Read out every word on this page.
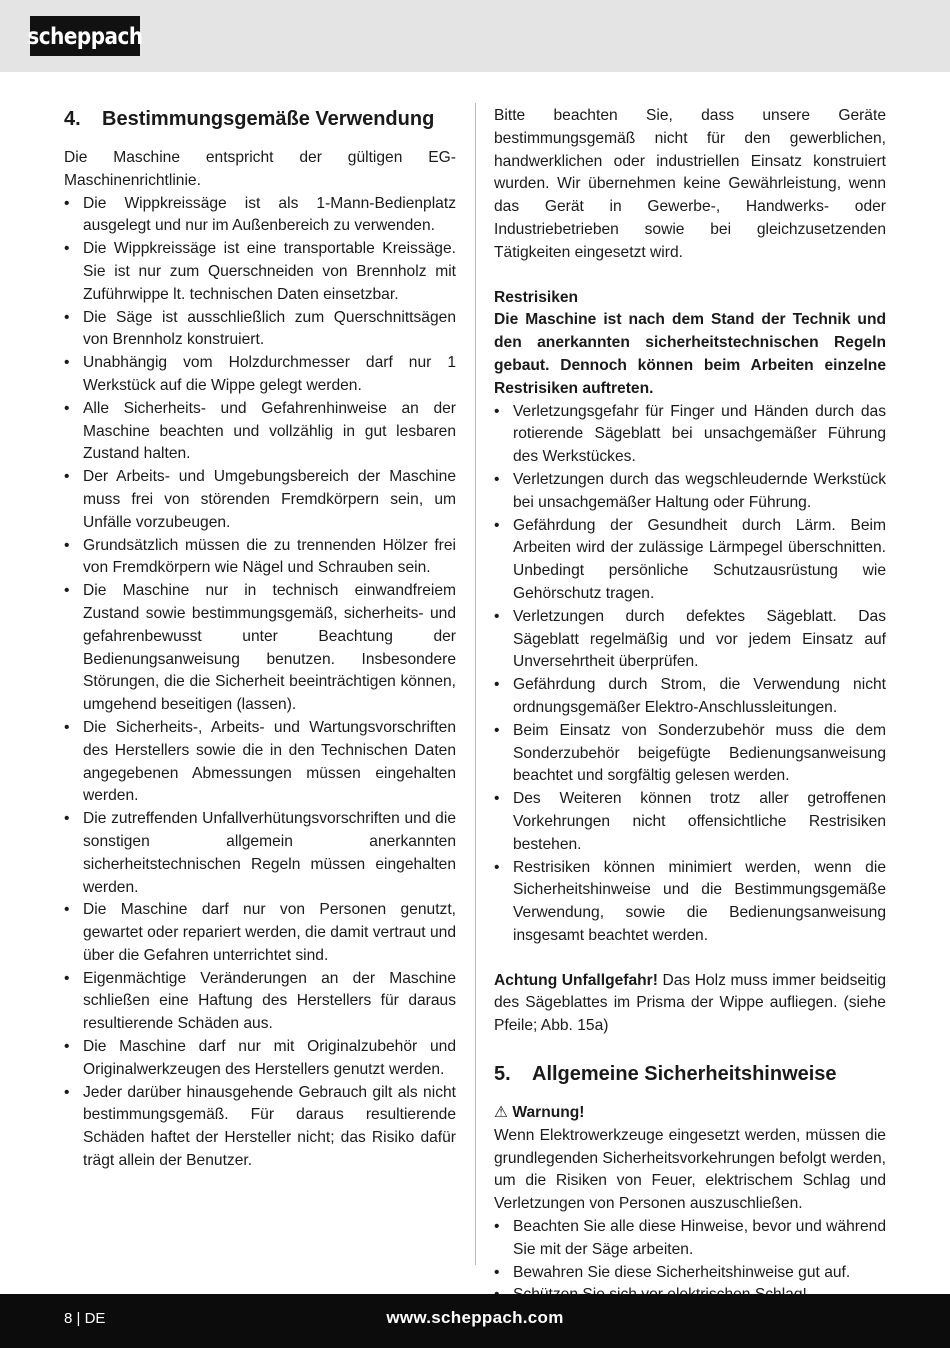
scheppach
4.	Bestimmungsgemäße Verwendung

Die Maschine entspricht der gültigen EG-Maschinenrichtlinie.

• Die Wippkreissäge ist als 1-Mann-Bedienplatz ausgelegt und nur im Außenbereich zu verwenden.
• Die Wippkreissäge ist eine transportable Kreissäge. Sie ist nur zum Querschneiden von Brennholz mit Zuführwippe lt. technischen Daten einsetzbar.
• Die Säge ist ausschließlich zum Querschnittsägen von Brennholz konstruiert.
• Unabhängig vom Holzdurchmesser darf nur 1 Werkstück auf die Wippe gelegt werden.
• Alle Sicherheits- und Gefahrenhinweise an der Maschine beachten und vollzählig in gut lesbaren Zustand halten.
• Der Arbeits- und Umgebungsbereich der Maschine muss frei von störenden Fremdkörpern sein, um Unfälle vorzubeugen.
• Grundsätzlich müssen die zu trennenden Hölzer frei von Fremdkörpern wie Nägel und Schrauben sein.
• Die Maschine nur in technisch einwandfreiem Zustand sowie bestimmungsgemäß, sicherheits- und gefahrenbewusst unter Beachtung der Bedienungsanweisung benutzen. Insbesondere Störungen, die die Sicherheit beeinträchtigen können, umgehend beseitigen (lassen).
• Die Sicherheits-, Arbeits- und Wartungsvorschriften des Herstellers sowie die in den Technischen Daten angegebenen Abmessungen müssen eingehalten werden.
• Die zutreffenden Unfallverhütungsvorschriften und die sonstigen allgemein anerkannten sicherheitstechnischen Regeln müssen eingehalten werden.
• Die Maschine darf nur von Personen genutzt, gewartet oder repariert werden, die damit vertraut und über die Gefahren unterrichtet sind.
• Eigenmächtige Veränderungen an der Maschine schließen eine Haftung des Herstellers für daraus resultierende Schäden aus.
• Die Maschine darf nur mit Originalzubehör und Originalwerkzeugen des Herstellers genutzt werden.
• Jeder darüber hinausgehende Gebrauch gilt als nicht bestimmungsgemäß. Für daraus resultierende Schäden haftet der Hersteller nicht; das Risiko dafür trägt allein der Benutzer.

Bitte beachten Sie, dass unsere Geräte bestimmungsgemäß nicht für den gewerblichen, handwerklichen oder industriellen Einsatz konstruiert wurden. Wir übernehmen keine Gewährleistung, wenn das Gerät in Gewerbe-, Handwerks- oder Industriebetrieben sowie bei gleichzusetzenden Tätigkeiten eingesetzt wird.

Restrisiken

Die Maschine ist nach dem Stand der Technik und den anerkannten sicherheitstechnischen Regeln gebaut. Dennoch können beim Arbeiten einzelne Restrisiken auftreten.

• Verletzungsgefahr für Finger und Händen durch das rotierende Sägeblatt bei unsachgemäßer Führung des Werkstückes.
• Verletzungen durch das wegschleudernde Werkstück bei unsachgemäßer Haltung oder Führung.
• Gefährdung der Gesundheit durch Lärm. Beim Arbeiten wird der zulässige Lärmpegel überschnitten. Unbedingt persönliche Schutzausrüstung wie Gehörschutz tragen.
• Verletzungen durch defektes Sägeblatt. Das Sägeblatt regelmäßig und vor jedem Einsatz auf Unversehrtheit überprüfen.
• Gefährdung durch Strom, die Verwendung nicht ordnungsgemäßer Elektro-Anschlussleitungen.
• Beim Einsatz von Sonderzubehör muss die dem Sonderzubehör beigefügte Bedienungsanweisung beachtet und sorgfältig gelesen werden.
• Des Weiteren können trotz aller getroffenen Vorkehrungen nicht offensichtliche Restrisiken bestehen.
• Restrisiken können minimiert werden, wenn die Sicherheitshinweise und die Bestimmungsgemäße Verwendung, sowie die Bedienungsanweisung insgesamt beachtet werden.

Achtung Unfallgefahr! Das Holz muss immer beidseitig des Sägeblattes im Prisma der Wippe aufliegen. (siehe Pfeile; Abb. 15a)

5.	Allgemeine Sicherheitshinweise

⚠ Warnung!

Wenn Elektrowerkzeuge eingesetzt werden, müssen die grundlegenden Sicherheitsvorkehrungen befolgt werden, um die Risiken von Feuer, elektrischem Schlag und Verletzungen von Personen auszuschließen.

• Beachten Sie alle diese Hinweise, bevor und während Sie mit der Säge arbeiten.
• Bewahren Sie diese Sicherheitshinweise gut auf.
8 | DE	www.scheppach.com
